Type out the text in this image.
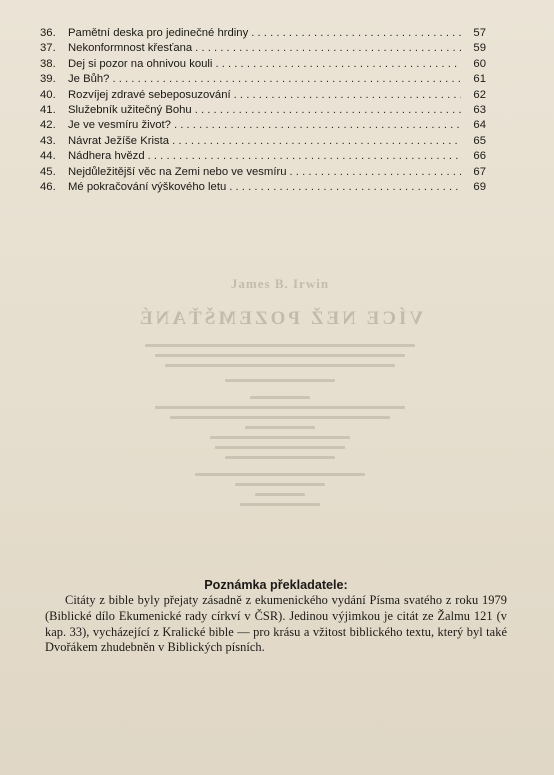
36.	Pamětní deska pro jedinečné hrdiny . . .	57
37.	Nekonformnost křesťana . . .	59
38.	Dej si pozor na ohnivou kouli . . .	60
39.	Je Bůh? . . .	61
40.	Rozvíjej zdravé sebeposuzování . . .	62
41.	Služebník užitečný Bohu . . .	63
42.	Je ve vesmíru život? . . .	64
43.	Návrat Ježíše Krista . . .	65
44.	Nádhera hvězd . . .	66
45.	Nejdůležitější věc na Zemi nebo ve vesmíru . . .	67
46.	Mé pokračování výškového letu . . .	69
James B. Irwin
VÍCE NEŽ POZEMŠŤANÉ
Poznámka překladatele:
Citáty z bible byly přejaty zásadně z ekumenického vydání Písma svatého z roku 1979 (Biblické dílo Ekumenické rady církví v ČSR). Jedinou výjimkou je citát ze Žalmu 121 (v kap. 33), vycházející z Kralické bible — pro krásu a vžitost biblického textu, který byl také Dvořákem zhudebněn v Biblických písních.
